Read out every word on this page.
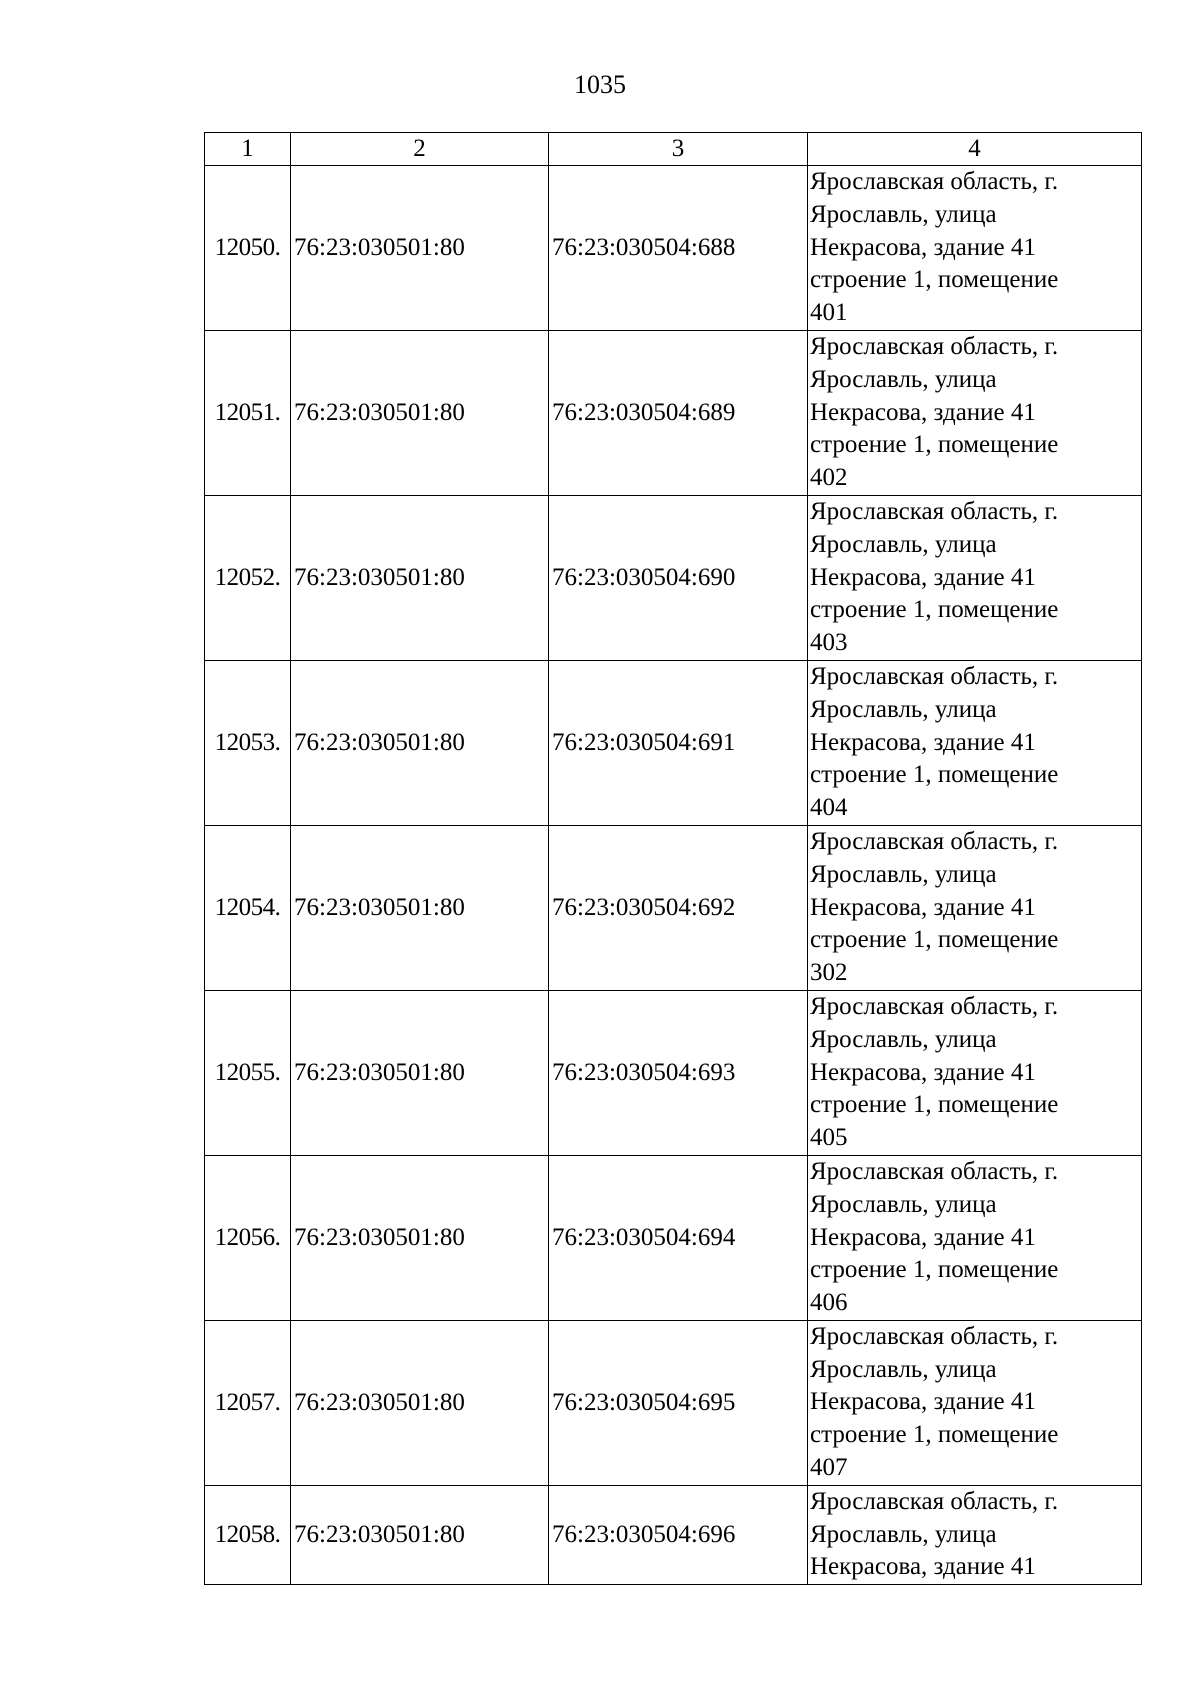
1035
1	2	3	4
12050.	76:23:030501:80	76:23:030504:688	Ярославская область, г.
Ярославль, улица
Некрасова, здание 41
строение 1, помещение
401

12051.	76:23:030501:80	76:23:030504:689	Ярославская область, г.
Ярославль, улица
Некрасова, здание 41
строение 1, помещение
402

12052.	76:23:030501:80	76:23:030504:690	Ярославская область, г.
Ярославль, улица
Некрасова, здание 41
строение 1, помещение
403

12053.	76:23:030501:80	76:23:030504:691	Ярославская область, г.
Ярославль, улица
Некрасова, здание 41
строение 1, помещение
404

12054.	76:23:030501:80	76:23:030504:692	Ярославская область, г.
Ярославль, улица
Некрасова, здание 41
строение 1, помещение
302

12055.	76:23:030501:80	76:23:030504:693	Ярославская область, г.
Ярославль, улица
Некрасова, здание 41
строение 1, помещение
405

12056.	76:23:030501:80	76:23:030504:694	Ярославская область, г.
Ярославль, улица
Некрасова, здание 41
строение 1, помещение
406

12057.	76:23:030501:80	76:23:030504:695	Ярославская область, г.
Ярославль, улица
Некрасова, здание 41
строение 1, помещение
407

12058.	76:23:030501:80	76:23:030504:696	Ярославская область, г.
Ярославль, улица
Некрасова, здание 41
